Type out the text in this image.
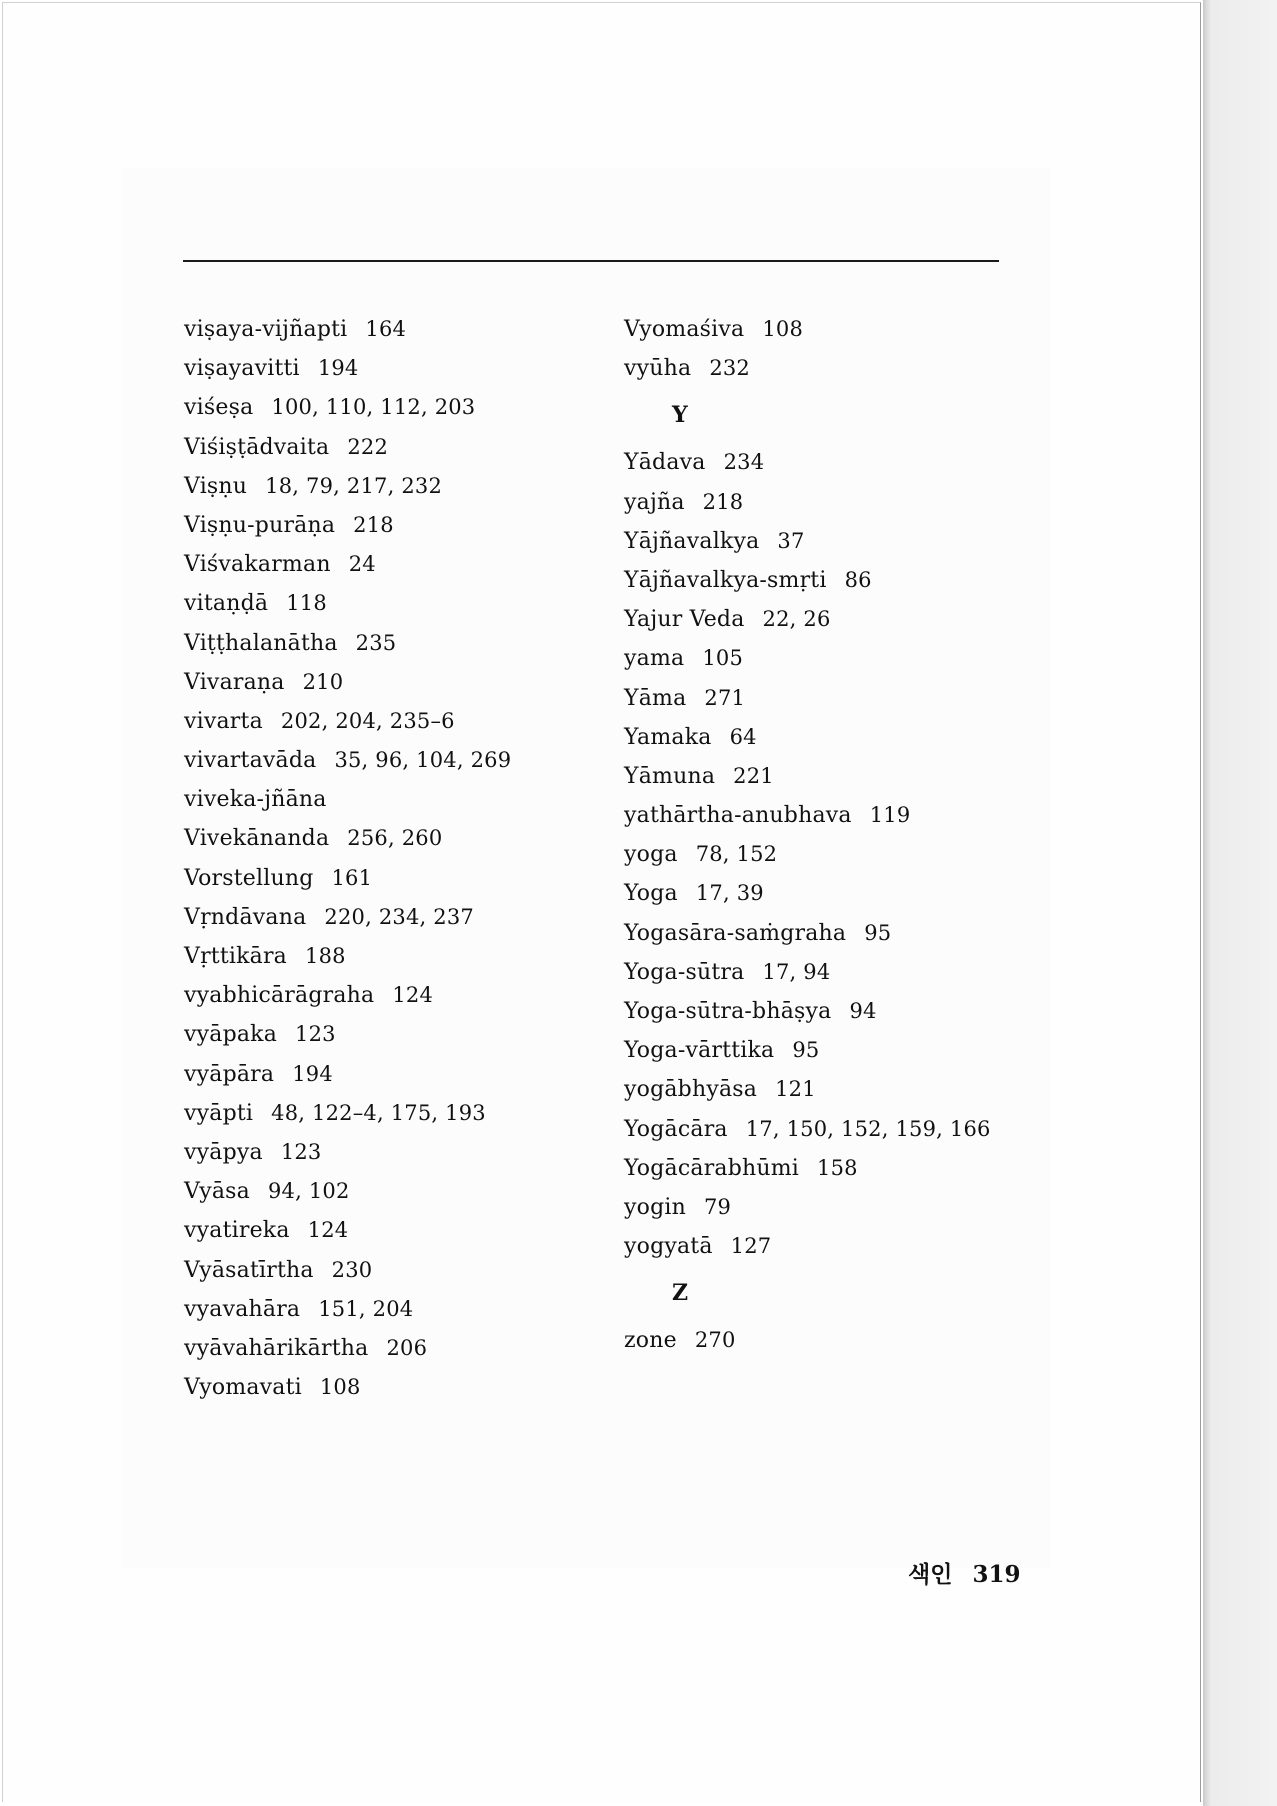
viṣaya-vijñapti 164
viṣayavitti 194
viśeṣa 100, 110, 112, 203
Viśiṣṭādvaita 222
Viṣṇu 18, 79, 217, 232
Viṣṇu-purāṇa 218
Viśvakarman 24
vitaṇḍā 118
Viṭṭhalanātha 235
Vivaraṇa 210
vivarta 202, 204, 235–6
vivartavāda 35, 96, 104, 269
viveka-jñāna
Vivekānanda 256, 260
Vorstellung 161
Vṛndāvana 220, 234, 237
Vṛttikāra 188
vyabhicārāgraha 124
vyāpaka 123
vyāpāra 194
vyāpti 48, 122–4, 175, 193
vyāpya 123
Vyāsa 94, 102
vyatireka 124
Vyāsatīrtha 230
vyavahāra 151, 204
vyāvahārikārtha 206
Vyomavati 108
Vyomaśiva 108
vyūha 232
Y
Yādava 234
yajña 218
Yājñavalkya 37
Yājñavalkya-smṛti 86
Yajur Veda 22, 26
yama 105
Yāma 271
Yamaka 64
Yāmuna 221
yathārtha-anubhava 119
yoga 78, 152
Yoga 17, 39
Yogasāra-saṁgraha 95
Yoga-sūtra 17, 94
Yoga-sūtra-bhāṣya 94
Yoga-vārttika 95
yogābhyāsa 121
Yogācāra 17, 150, 152, 159, 166
Yogācārabhūmi 158
yogin 79
yogyatā 127
Z
zone 270
색인 319
